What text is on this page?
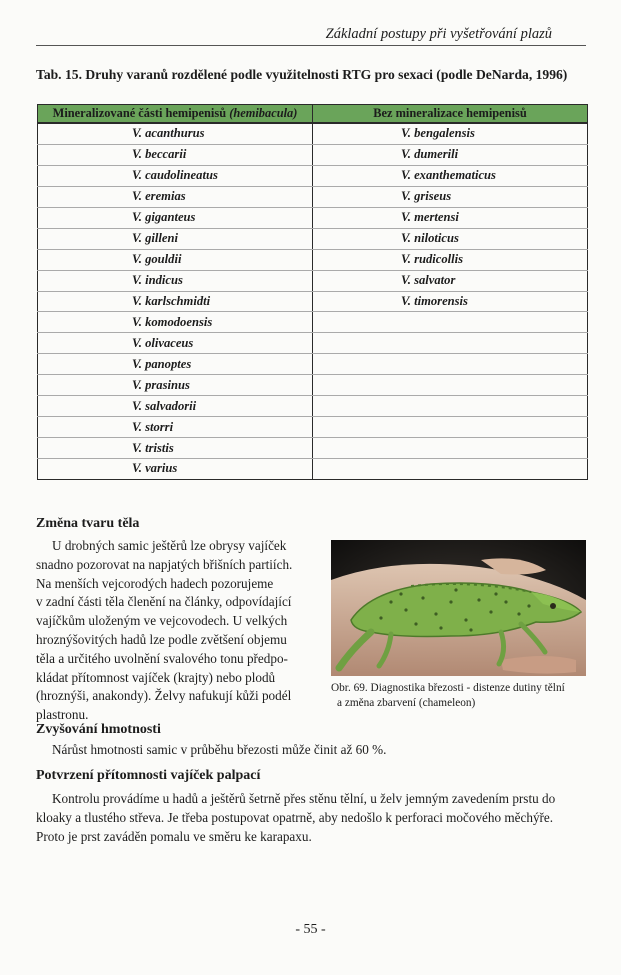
Základní postupy při vyšetřování plazů
Tab. 15. Druhy varanů rozdělené podle využitelnosti RTG pro sexaci (podle DeNarda, 1996)
Mineralizované části hemipenisů (hemibacula)	Bez mineralizace hemipenisů
V. acanthurus	V. bengalensis
V. beccarii	V. dumerili
V. caudolineatus	V. exanthematicus
V. eremias	V. griseus
V. giganteus	V. mertensi
V. gilleni	V. niloticus
V. gouldii	V. rudicollis
V. indicus	V. salvator
V. karlschmidti	V. timorensis
V. komodoensis	
V. olivaceus	
V. panoptes	
V. prasinus	
V. salvadorii	
V. storri	
V. tristis	
V. varius	
Změna tvaru těla
U drobných samic ještěrů lze obrysy vajíček
snadno pozorovat na napjatých břišních partiích.
Na menších vejcorodých hadech pozorujeme
v zadní části těla členění na články, odpovídající
vajíčkům uloženým ve vejcovodech. U velkých
hroznýšovitých hadů lze podle zvětšení objemu
těla a určitého uvolnění svalového tonu předpo-
kládat přítomnost vajíček (krajty) nebo plodů
(hroznýši, anakondy). Želvy nafukují kůži podél
plastronu.
Obr. 69. Diagnostika březosti - distenze dutiny tělní
a změna zbarvení (chameleon)
Zvyšování hmotnosti
Nárůst hmotnosti samic v průběhu březosti může činit až 60 %.
Potvrzení přítomnosti vajíček palpací
Kontrolu provádíme u hadů a ještěrů šetrně přes stěnu tělní, u želv jemným zavedením prstu do
kloaky a tlustého střeva. Je třeba postupovat opatrně, aby nedošlo k perforaci močového měchýře.
Proto je prst zaváděn pomalu ve směru ke karapaxu.
- 55 -
